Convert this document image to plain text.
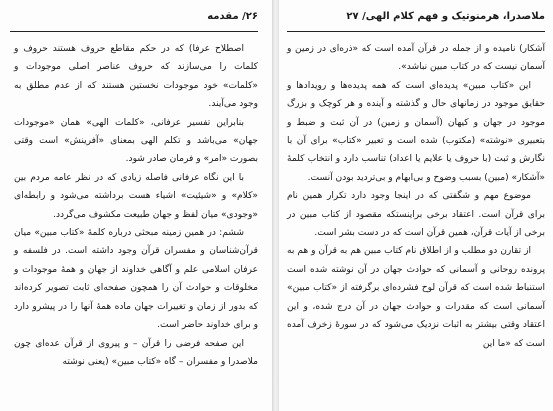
۲۶/ مقدمه

اصطلاح عرفا) که در حکم مقاطع حروف هستند حروف و کلمات را می‌سازند که حروف عناصر اصلی موجودات و «کلمات» خود موجودات نخستین هستند که از عدم مطلق به وجود می‌آیند.

بنابراین تفسیر عرفانی، «کلمات الهی» همان «موجودات جهان» می‌باشد و تکلم الهی بمعنای «آفرینش» است وقتی بصورت «امر» و فرمان صادر شود.

با این نگاه عرفانی فاصله زیادی که در نظر عامه مردم بین «کلام» و «شیئیت» اشیاء هست برداشته می‌شود و رابطه‌ای «وجودی» میان لفظ و جهان طبیعت مکشوف می‌گردد.

ششم: در همین زمینه مبحثی درباره کلمهٔ «کتاب مبین» میان قرآن‌شناسان و مفسران قرآن وجود داشته است. در فلسفه و عرفان اسلامی علم و آگاهی خداوند از جهان و همهٔ موجودات و مخلوقات و حوادث آن را همچون صفحه‌ای ثابت تصویر کرده‌اند که بدور از زمان و تغییرات جهان ماده همهٔ آنها را در پیشرو دارد و برای خداوند حاضر است.

این صفحه فرضی را قرآن – و پیروی از قرآن عده‌ای چون ملاصدرا و مفسران – گاه «کتاب مبین» (یعنی نوشته

ملاصدرا، هرمنوتیک و فهم کلام الهی/ ۲۷

آشکار) نامیده و از جمله در قرآن آمده است که «ذره‌ای در زمین و آسمان نیست که در کتاب مبین نباشد».

این «کتاب مبین» پدیده‌ای است که همه پدیده‌ها و رویدادها و حقایق موجود در زمانهای حال و گذشته و آینده و هر کوچک و بزرگ موجود در جهان و کیهان (آسمان و زمین) در آن ثبت و ضبط و بتعبیری «نوشته» (مکتوب) شده است و تعبیر «کتاب» برای آن با نگارش و ثبت (با حروف یا علایم یا اعداد) تناسب دارد و انتخاب کلمهٔ «آشکار» (مبین) بسبب وضوح و بی‌ابهام و بی‌تردید بودن آنست.

موضوع مهم و شگفتی که در اینجا وجود دارد تکرار همین نام برای قرآن است. اعتقاد برخی براینستکه مقصود از کتاب مبین در برخی از آیات قرآن، همین قرآن است که در دست بشر است.

از تقارن دو مطلب و از اطلاق نام کتاب مبین هم به قرآن و هم به پرونده روحانی و آسمانی که حوادث جهان در آن نوشته شده است استنباط شده است که قرآن لوح فشرده‌ای برگرفته از «کتاب مبین» آسمانی است که مقدرات و حوادث جهان در آن درج شده، و این اعتقاد وقتی بیشتر به اثبات نزدیک می‌شود که در سورهٔ زخرف آمده است که «ما این
